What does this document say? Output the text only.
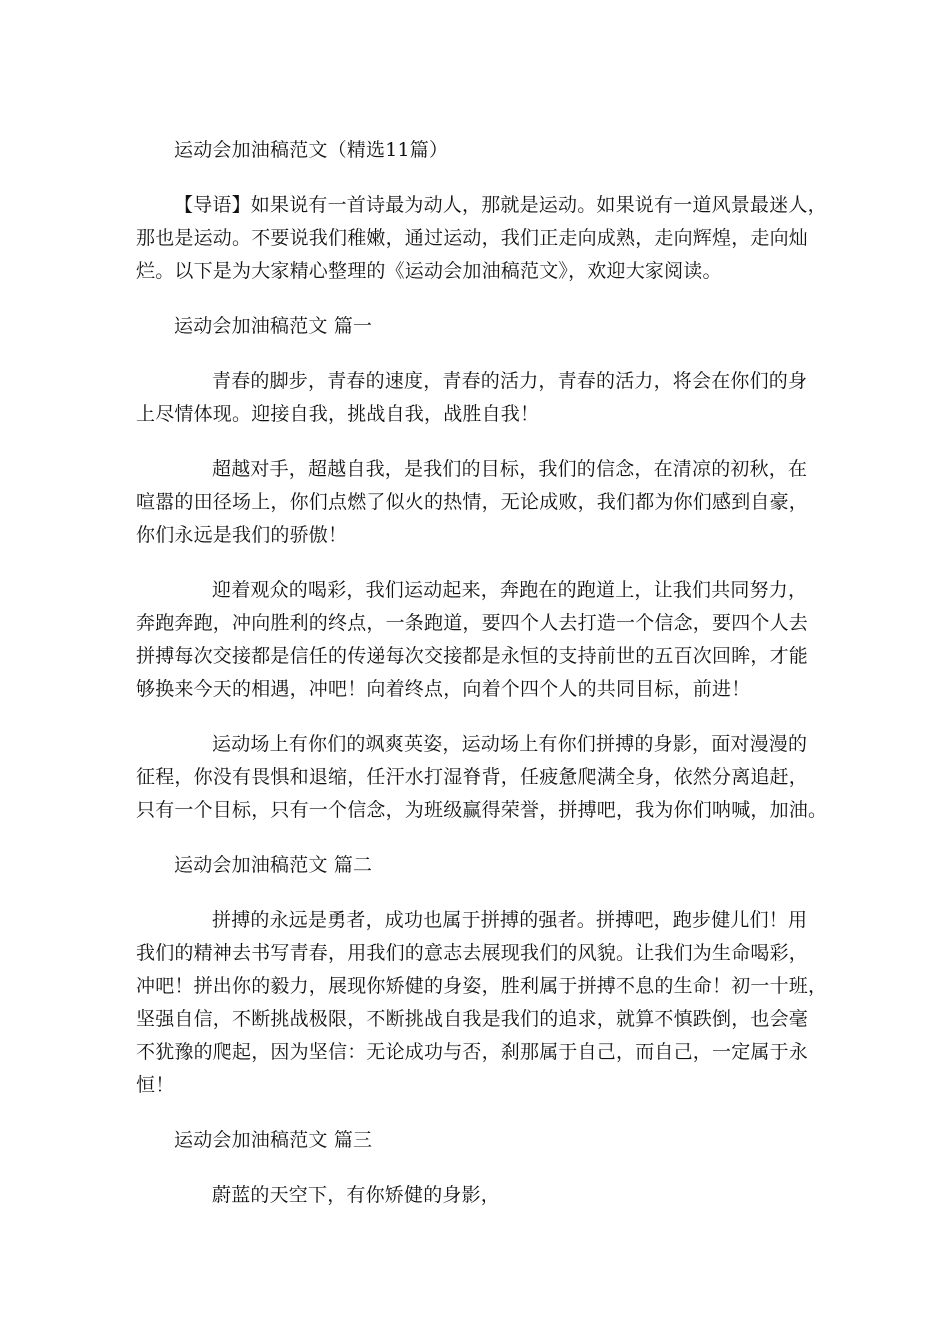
运动会加油稿范文（精选11篇）
【导语】如果说有一首诗最为动人，那就是运动。如果说有一道风景最迷人，
那也是运动。不要说我们稚嫩，通过运动，我们正走向成熟，走向辉煌，走向灿
烂。以下是为大家精心整理的《运动会加油稿范文》，欢迎大家阅读。
运动会加油稿范文 篇一
青春的脚步，青春的速度，青春的活力，青春的活力，将会在你们的身
上尽情体现。迎接自我，挑战自我，战胜自我！
超越对手，超越自我，是我们的目标，我们的信念，在清凉的初秋，在
喧嚣的田径场上，你们点燃了似火的热情，无论成败，我们都为你们感到自豪，
你们永远是我们的骄傲！
迎着观众的喝彩，我们运动起来，奔跑在的跑道上，让我们共同努力，
奔跑奔跑，冲向胜利的终点，一条跑道，要四个人去打造一个信念，要四个人去
拼搏每次交接都是信任的传递每次交接都是永恒的支持前世的五百次回眸，才能
够换来今天的相遇，冲吧！向着终点，向着个四个人的共同目标，前进！
运动场上有你们的飒爽英姿，运动场上有你们拼搏的身影，面对漫漫的
征程，你没有畏惧和退缩，任汗水打湿脊背，任疲惫爬满全身，依然分离追赶，
只有一个目标，只有一个信念，为班级赢得荣誉，拼搏吧，我为你们呐喊，加油。
运动会加油稿范文 篇二
拼搏的永远是勇者，成功也属于拼搏的强者。拼搏吧，跑步健儿们！用
我们的精神去书写青春，用我们的意志去展现我们的风貌。让我们为生命喝彩，
冲吧！拼出你的毅力，展现你矫健的身姿，胜利属于拼搏不息的生命！初一十班，
坚强自信，不断挑战极限，不断挑战自我是我们的追求，就算不慎跌倒，也会毫
不犹豫的爬起，因为坚信：无论成功与否，刹那属于自己，而自己，一定属于永
恒！
运动会加油稿范文 篇三
蔚蓝的天空下，有你矫健的身影，
